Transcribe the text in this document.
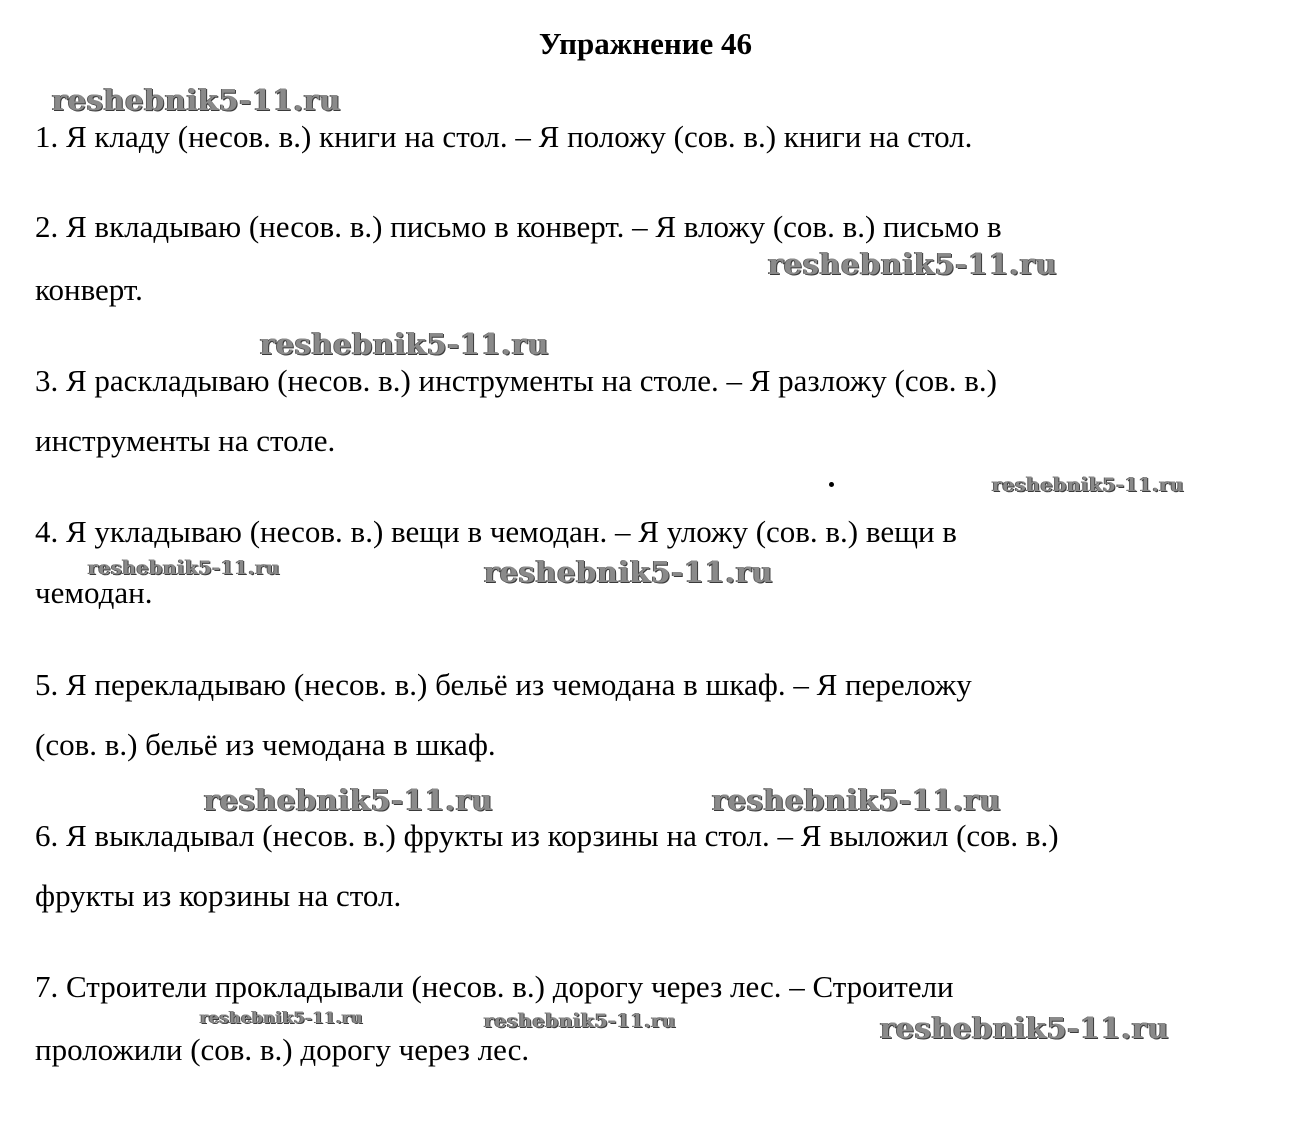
Упражнение 46
reshebnik5-11.ru
reshebnik5-11.ru
reshebnik5-11.ru
reshebnik5-11.ru
reshebnik5-11.ru	reshebnik5-11.ru
reshebnik5-11.ru	reshebnik5-11.ru
reshebnik5-11.ru	reshebnik5-11.ru	reshebnik5-11.ru
1. Я кладу (несов. в.) книги на стол. – Я положу (сов. в.) книги на стол.
2. Я вкладываю (несов. в.) письмо в конверт. – Я вложу (сов. в.) письмо в
конверт.
3. Я раскладываю (несов. в.) инструменты на столе. – Я разложу (сов. в.)
инструменты на столе.
4. Я укладываю (несов. в.) вещи в чемодан. – Я уложу (сов. в.) вещи в
чемодан.
5. Я перекладываю (несов. в.) бельё из чемодана в шкаф. – Я переложу
(сов. в.) бельё из чемодана в шкаф.
6. Я выкладывал (несов. в.) фрукты из корзины на стол. – Я выложил (сов. в.)
фрукты из корзины на стол.
7. Строители прокладывали (несов. в.) дорогу через лес. – Строители
проложили (сов. в.) дорогу через лес.
